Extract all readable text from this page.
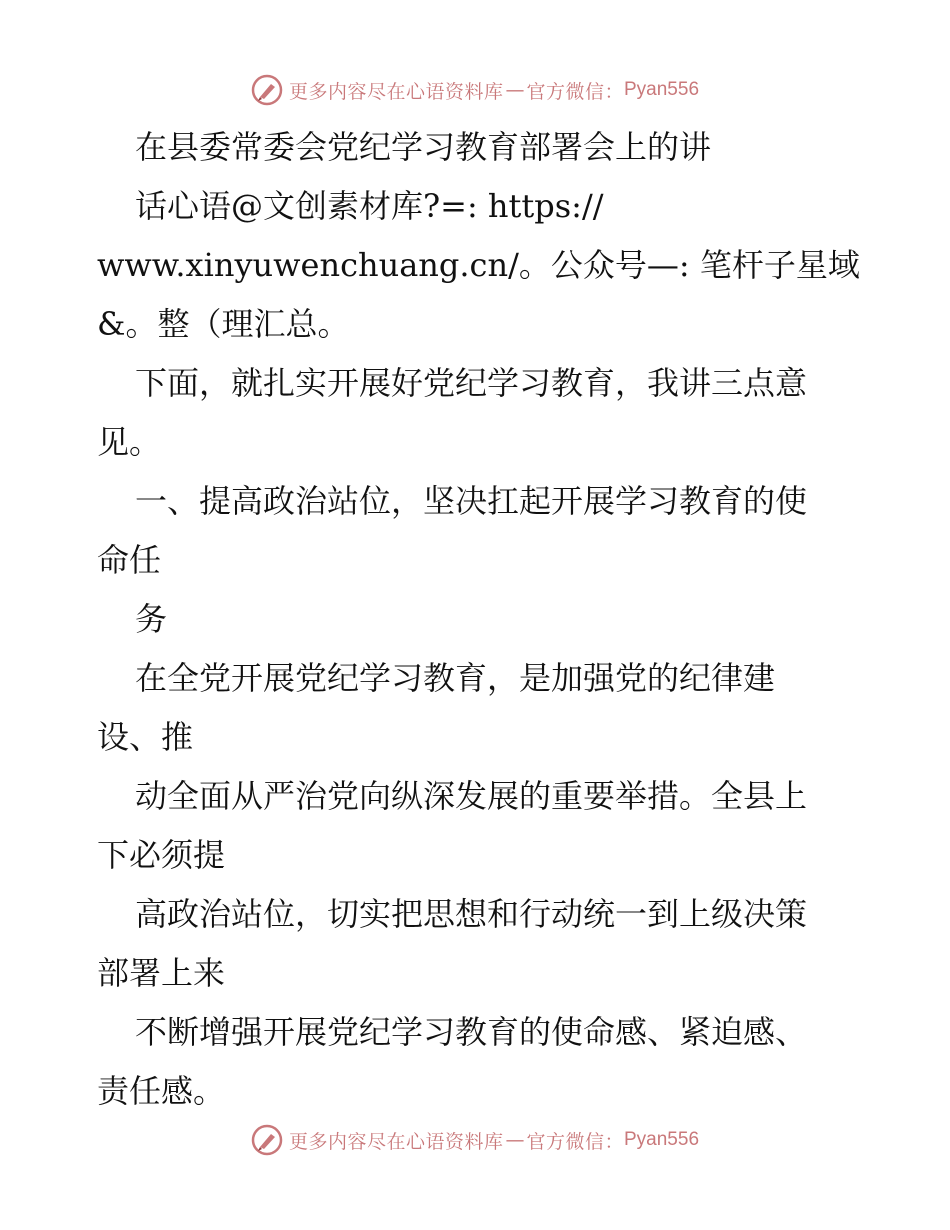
更多内容尽在心语资料库 — 官方微信： Pyan556
在县委常委会党纪学习教育部署会上的讲
话心语@文创素材库?=: https://
www.xinyuwenchuang.cn/。公众号—: 笔杆子星域
&。整（理汇总。
下面，就扎实开展好党纪学习教育，我讲三点意
见。
一、提高政治站位，坚决扛起开展学习教育的使
命任
务
在全党开展党纪学习教育，是加强党的纪律建
设、推
动全面从严治党向纵深发展的重要举措。全县上
下必须提
高政治站位，切实把思想和行动统一到上级决策
部署上来
不断增强开展党纪学习教育的使命感、紧迫感、
责任感。
更多内容尽在心语资料库 — 官方微信： Pyan556
